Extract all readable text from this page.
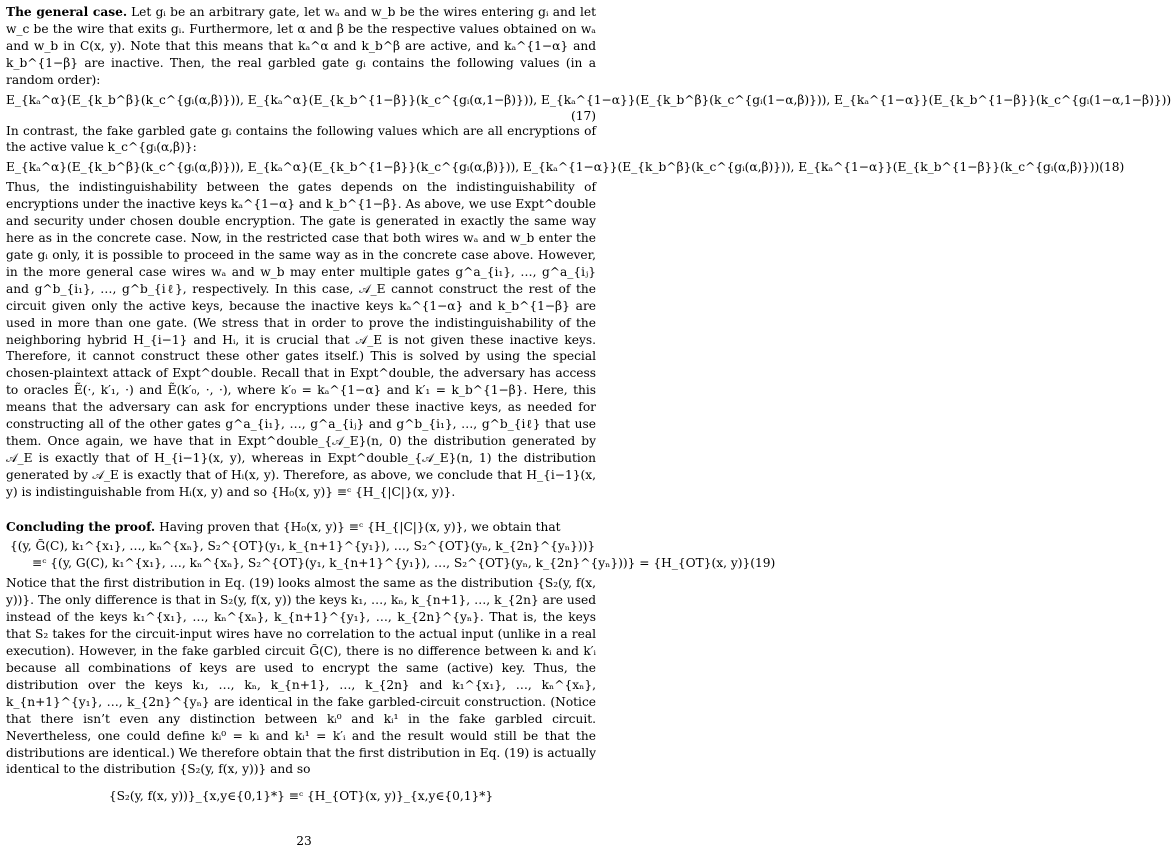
The general case. Let gᵢ be an arbitrary gate, let wₐ and w_b be the wires entering gᵢ and let w_c be the wire that exits gᵢ. Furthermore, let α and β be the respective values obtained on wₐ and w_b in C(x, y). Note that this means that kₐ^α and k_b^β are active, and kₐ^{1−α} and k_b^{1−β} are inactive. Then, the real garbled gate gᵢ contains the following values (in a random order):

E_{kₐ^α}(E_{k_b^β}(k_c^{gᵢ(α,β)})), E_{kₐ^α}(E_{k_b^{1−β}}(k_c^{gᵢ(α,1−β)})), E_{kₐ^{1−α}}(E_{k_b^β}(k_c^{gᵢ(1−α,β)})), E_{kₐ^{1−α}}(E_{k_b^{1−β}}(k_c^{gᵢ(1−α,1−β)}))
(17)

In contrast, the fake garbled gate gᵢ contains the following values which are all encryptions of the active value k_c^{gᵢ(α,β)}:

E_{kₐ^α}(E_{k_b^β}(k_c^{gᵢ(α,β)})), E_{kₐ^α}(E_{k_b^{1−β}}(k_c^{gᵢ(α,β)})), E_{kₐ^{1−α}}(E_{k_b^β}(k_c^{gᵢ(α,β)})), E_{kₐ^{1−α}}(E_{k_b^{1−β}}(k_c^{gᵢ(α,β)})) (18)

Thus, the indistinguishability between the gates depends on the indistinguishability of encryptions under the inactive keys kₐ^{1−α} and k_b^{1−β}. As above, we use Expt^double and security under chosen double encryption. The gate is generated in exactly the same way here as in the concrete case. Now, in the restricted case that both wires wₐ and w_b enter the gate gᵢ only, it is possible to proceed in the same way as in the concrete case above. However, in the more general case wires wₐ and w_b may enter multiple gates g^a_{i₁}, …, g^a_{iⱼ} and g^b_{i₁}, …, g^b_{iℓ}, respectively. In this case, 𝒜_E cannot construct the rest of the circuit given only the active keys, because the inactive keys kₐ^{1−α} and k_b^{1−β} are used in more than one gate. (We stress that in order to prove the indistinguishability of the neighboring hybrid H_{i−1} and Hᵢ, it is crucial that 𝒜_E is not given these inactive keys. Therefore, it cannot construct these other gates itself.) This is solved by using the special chosen-plaintext attack of Expt^double. Recall that in Expt^double, the adversary has access to oracles Ẽ(·, k′₁, ·) and Ẽ(k′₀, ·, ·), where k′₀ = kₐ^{1−α} and k′₁ = k_b^{1−β}. Here, this means that the adversary can ask for encryptions under these inactive keys, as needed for constructing all of the other gates g^a_{i₁}, …, g^a_{iⱼ} and g^b_{i₁}, …, g^b_{iℓ} that use them. Once again, we have that in Expt^double_{𝒜_E}(n, 0) the distribution generated by 𝒜_E is exactly that of H_{i−1}(x, y), whereas in Expt^double_{𝒜_E}(n, 1) the distribution generated by 𝒜_E is exactly that of Hᵢ(x, y). Therefore, as above, we conclude that H_{i−1}(x, y) is indistinguishable from Hᵢ(x, y) and so {H₀(x, y)} ≡ᶜ {H_{|C|}(x, y)}.

Concluding the proof. Having proven that {H₀(x, y)} ≡ᶜ {H_{|C|}(x, y)}, we obtain that

{(y, G̃(C), k₁^{x₁}, …, kₙ^{xₙ}, S₂^{OT}(y₁, k_{n+1}^{y₁}), …, S₂^{OT}(yₙ, k_{2n}^{yₙ}))}
≡ᶜ {(y, G(C), k₁^{x₁}, …, kₙ^{xₙ}, S₂^{OT}(y₁, k_{n+1}^{y₁}), …, S₂^{OT}(yₙ, k_{2n}^{yₙ}))} = {H_{OT}(x, y)} (19)

Notice that the first distribution in Eq. (19) looks almost the same as the distribution {S₂(y, f(x, y))}. The only difference is that in S₂(y, f(x, y)) the keys k₁, …, kₙ, k_{n+1}, …, k_{2n} are used instead of the keys k₁^{x₁}, …, kₙ^{xₙ}, k_{n+1}^{y₁}, …, k_{2n}^{yₙ}. That is, the keys that S₂ takes for the circuit-input wires have no correlation to the actual input (unlike in a real execution). However, in the fake garbled circuit G̃(C), there is no difference between kᵢ and k′ᵢ because all combinations of keys are used to encrypt the same (active) key. Thus, the distribution over the keys k₁, …, kₙ, k_{n+1}, …, k_{2n} and k₁^{x₁}, …, kₙ^{xₙ}, k_{n+1}^{y₁}, …, k_{2n}^{yₙ} are identical in the fake garbled-circuit construction. (Notice that there isn’t even any distinction between kᵢ⁰ and kᵢ¹ in the fake garbled circuit. Nevertheless, one could define kᵢ⁰ = kᵢ and kᵢ¹ = k′ᵢ and the result would still be that the distributions are identical.) We therefore obtain that the first distribution in Eq. (19) is actually identical to the distribution {S₂(y, f(x, y))} and so

{S₂(y, f(x, y))}_{x,y∈{0,1}*} ≡ᶜ {H_{OT}(x, y)}_{x,y∈{0,1}*}
23
